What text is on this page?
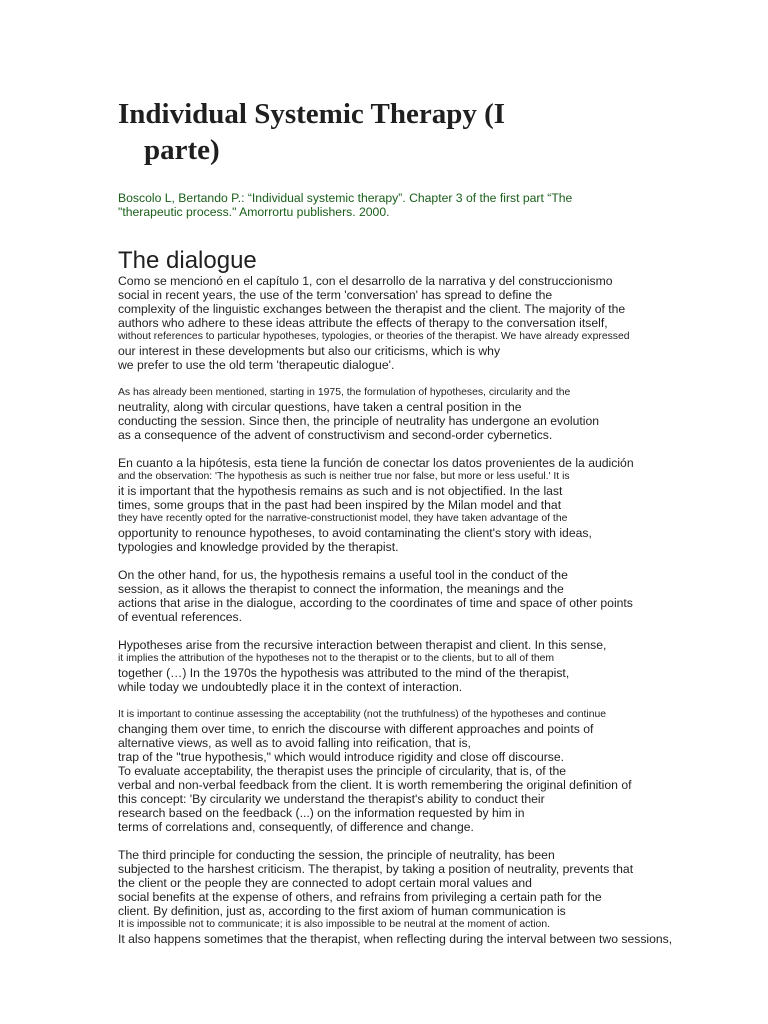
Individual Systemic Therapy (I
parte)
Boscolo L, Bertando P.: “Individual systemic therapy”. Chapter 3 of the first part “The
"therapeutic process." Amorrortu publishers. 2000.
The dialogue
Como se mencionó en el capítulo 1, con el desarrollo de la narrativa y del construccionismo
social in recent years, the use of the term 'conversation' has spread to define the
complexity of the linguistic exchanges between the therapist and the client. The majority of the
authors who adhere to these ideas attribute the effects of therapy to the conversation itself,
without references to particular hypotheses, typologies, or theories of the therapist. We have already expressed
our interest in these developments but also our criticisms, which is why
we prefer to use the old term 'therapeutic dialogue'.
As has already been mentioned, starting in 1975, the formulation of hypotheses, circularity and the
neutrality, along with circular questions, have taken a central position in the
conducting the session. Since then, the principle of neutrality has undergone an evolution
as a consequence of the advent of constructivism and second-order cybernetics.
En cuanto a la hipótesis, esta tiene la función de conectar los datos provenientes de la audición
and the observation: 'The hypothesis as such is neither true nor false, but more or less useful.' It is
it is important that the hypothesis remains as such and is not objectified. In the last
times, some groups that in the past had been inspired by the Milan model and that
they have recently opted for the narrative-constructionist model, they have taken advantage of the
opportunity to renounce hypotheses, to avoid contaminating the client's story with ideas,
typologies and knowledge provided by the therapist.
On the other hand, for us, the hypothesis remains a useful tool in the conduct of the
session, as it allows the therapist to connect the information, the meanings and the
actions that arise in the dialogue, according to the coordinates of time and space of other points
of eventual references.
Hypotheses arise from the recursive interaction between therapist and client. In this sense,
it implies the attribution of the hypotheses not to the therapist or to the clients, but to all of them
together (…) In the 1970s the hypothesis was attributed to the mind of the therapist,
while today we undoubtedly place it in the context of interaction.
It is important to continue assessing the acceptability (not the truthfulness) of the hypotheses and continue
changing them over time, to enrich the discourse with different approaches and points of
alternative views, as well as to avoid falling into reification, that is,
trap of the "true hypothesis," which would introduce rigidity and close off discourse.
To evaluate acceptability, the therapist uses the principle of circularity, that is, of the
verbal and non-verbal feedback from the client. It is worth remembering the original definition of
this concept: 'By circularity we understand the therapist's ability to conduct their
research based on the feedback (...) on the information requested by him in
terms of correlations and, consequently, of difference and change.
The third principle for conducting the session, the principle of neutrality, has been
subjected to the harshest criticism. The therapist, by taking a position of neutrality, prevents that
the client or the people they are connected to adopt certain moral values and
social benefits at the expense of others, and refrains from privileging a certain path for the
client. By definition, just as, according to the first axiom of human communication is
It is impossible not to communicate; it is also impossible to be neutral at the moment of action.
It also happens sometimes that the therapist, when reflecting during the interval between two sessions,
